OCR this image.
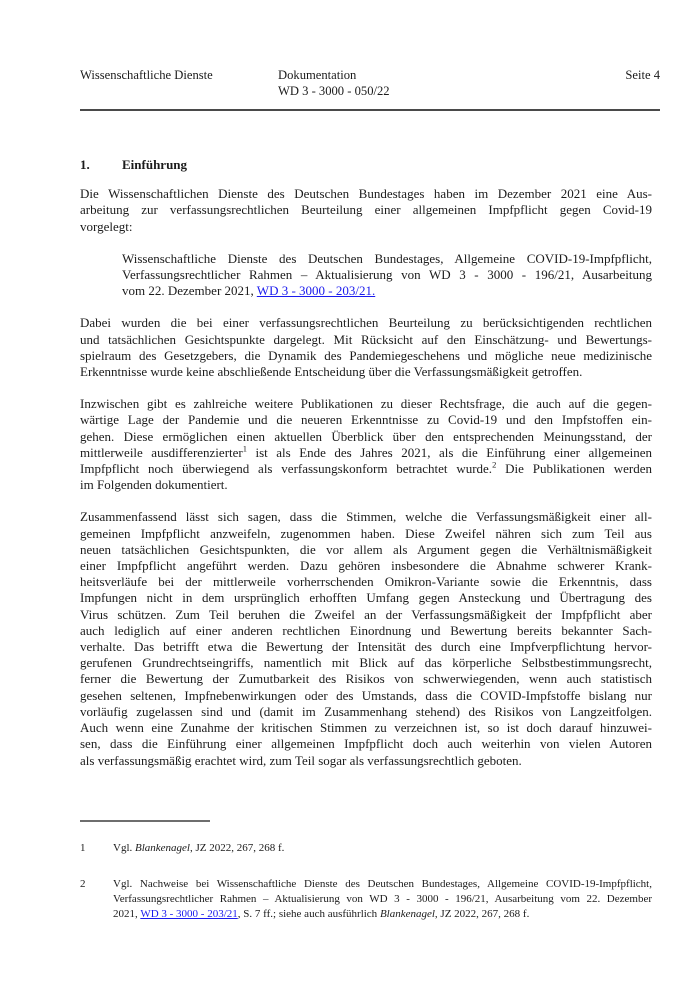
Wissenschaftliche Dienste	Dokumentation
WD 3 - 3000 - 050/22
Seite 4
1. Einführung
Die Wissenschaftlichen Dienste des Deutschen Bundestages haben im Dezember 2021 eine Aus-
arbeitung zur verfassungsrechtlichen Beurteilung einer allgemeinen Impfpflicht gegen Covid-19
vorgelegt:
Wissenschaftliche Dienste des Deutschen Bundestages, Allgemeine COVID-19-Impfpflicht,
Verfassungsrechtlicher Rahmen – Aktualisierung von WD 3 - 3000 - 196/21, Ausarbeitung
vom 22. Dezember 2021, WD 3 - 3000 - 203/21.
Dabei wurden die bei einer verfassungsrechtlichen Beurteilung zu berücksichtigenden rechtlichen
und tatsächlichen Gesichtspunkte dargelegt. Mit Rücksicht auf den Einschätzung- und Bewertungs-
spielraum des Gesetzgebers, die Dynamik des Pandemiegeschehens und mögliche neue medizinische
Erkenntnisse wurde keine abschließende Entscheidung über die Verfassungsmäßigkeit getroffen.
Inzwischen gibt es zahlreiche weitere Publikationen zu dieser Rechtsfrage, die auch auf die gegen-
wärtige Lage der Pandemie und die neueren Erkenntnisse zu Covid-19 und den Impfstoffen ein-
gehen. Diese ermöglichen einen aktuellen Überblick über den entsprechenden Meinungsstand, der
mittlerweile ausdifferenzierter$^1$ ist als Ende des Jahres 2021, als die Einführung einer allgemeinen
Impfpflicht noch überwiegend als verfassungskonform betrachtet wurde.$^2$ Die Publikationen werden
im Folgenden dokumentiert.
Zusammenfassend lässt sich sagen, dass die Stimmen, welche die Verfassungsmäßigkeit einer all-
gemeinen Impfpflicht anzweifeln, zugenommen haben. Diese Zweifel nähren sich zum Teil aus
neuen tatsächlichen Gesichtspunkten, die vor allem als Argument gegen die Verhältnismäßigkeit
einer Impfpflicht angeführt werden. Dazu gehören insbesondere die Abnahme schwerer Krank-
heitsverläufe bei der mittlerweile vorherrschenden Omikron-Variante sowie die Erkenntnis, dass
Impfungen nicht in dem ursprünglich erhofften Umfang gegen Ansteckung und Übertragung des
Virus schützen. Zum Teil beruhen die Zweifel an der Verfassungsmäßigkeit der Impfpflicht aber
auch lediglich auf einer anderen rechtlichen Einordnung und Bewertung bereits bekannter Sach-
verhalte. Das betrifft etwa die Bewertung der Intensität des durch eine Impfverpflichtung hervor-
gerufenen Grundrechtseingriffs, namentlich mit Blick auf das körperliche Selbstbestimmungsrecht,
ferner die Bewertung der Zumutbarkeit des Risikos von schwerwiegenden, wenn auch statistisch
gesehen seltenen, Impfnebenwirkungen oder des Umstands, dass die COVID-Impfstoffe bislang nur
vorläufig zugelassen sind und (damit im Zusammenhang stehend) des Risikos von Langzeitfolgen.
Auch wenn eine Zunahme der kritischen Stimmen zu verzeichnen ist, so ist doch darauf hinzuwei-
sen, dass die Einführung einer allgemeinen Impfpflicht doch auch weiterhin von vielen Autoren
als verfassungsmäßig erachtet wird, zum Teil sogar als verfassungsrechtlich geboten.
1	Vgl. Blankenagel, JZ 2022, 267, 268 f.
2	Vgl. Nachweise bei Wissenschaftliche Dienste des Deutschen Bundestages, Allgemeine COVID-19-Impfpflicht,
Verfassungsrechtlicher Rahmen – Aktualisierung von WD 3 - 3000 - 196/21, Ausarbeitung vom 22. Dezember
2021, WD 3 - 3000 - 203/21, S. 7 ff.; siehe auch ausführlich Blankenagel, JZ 2022, 267, 268 f.
